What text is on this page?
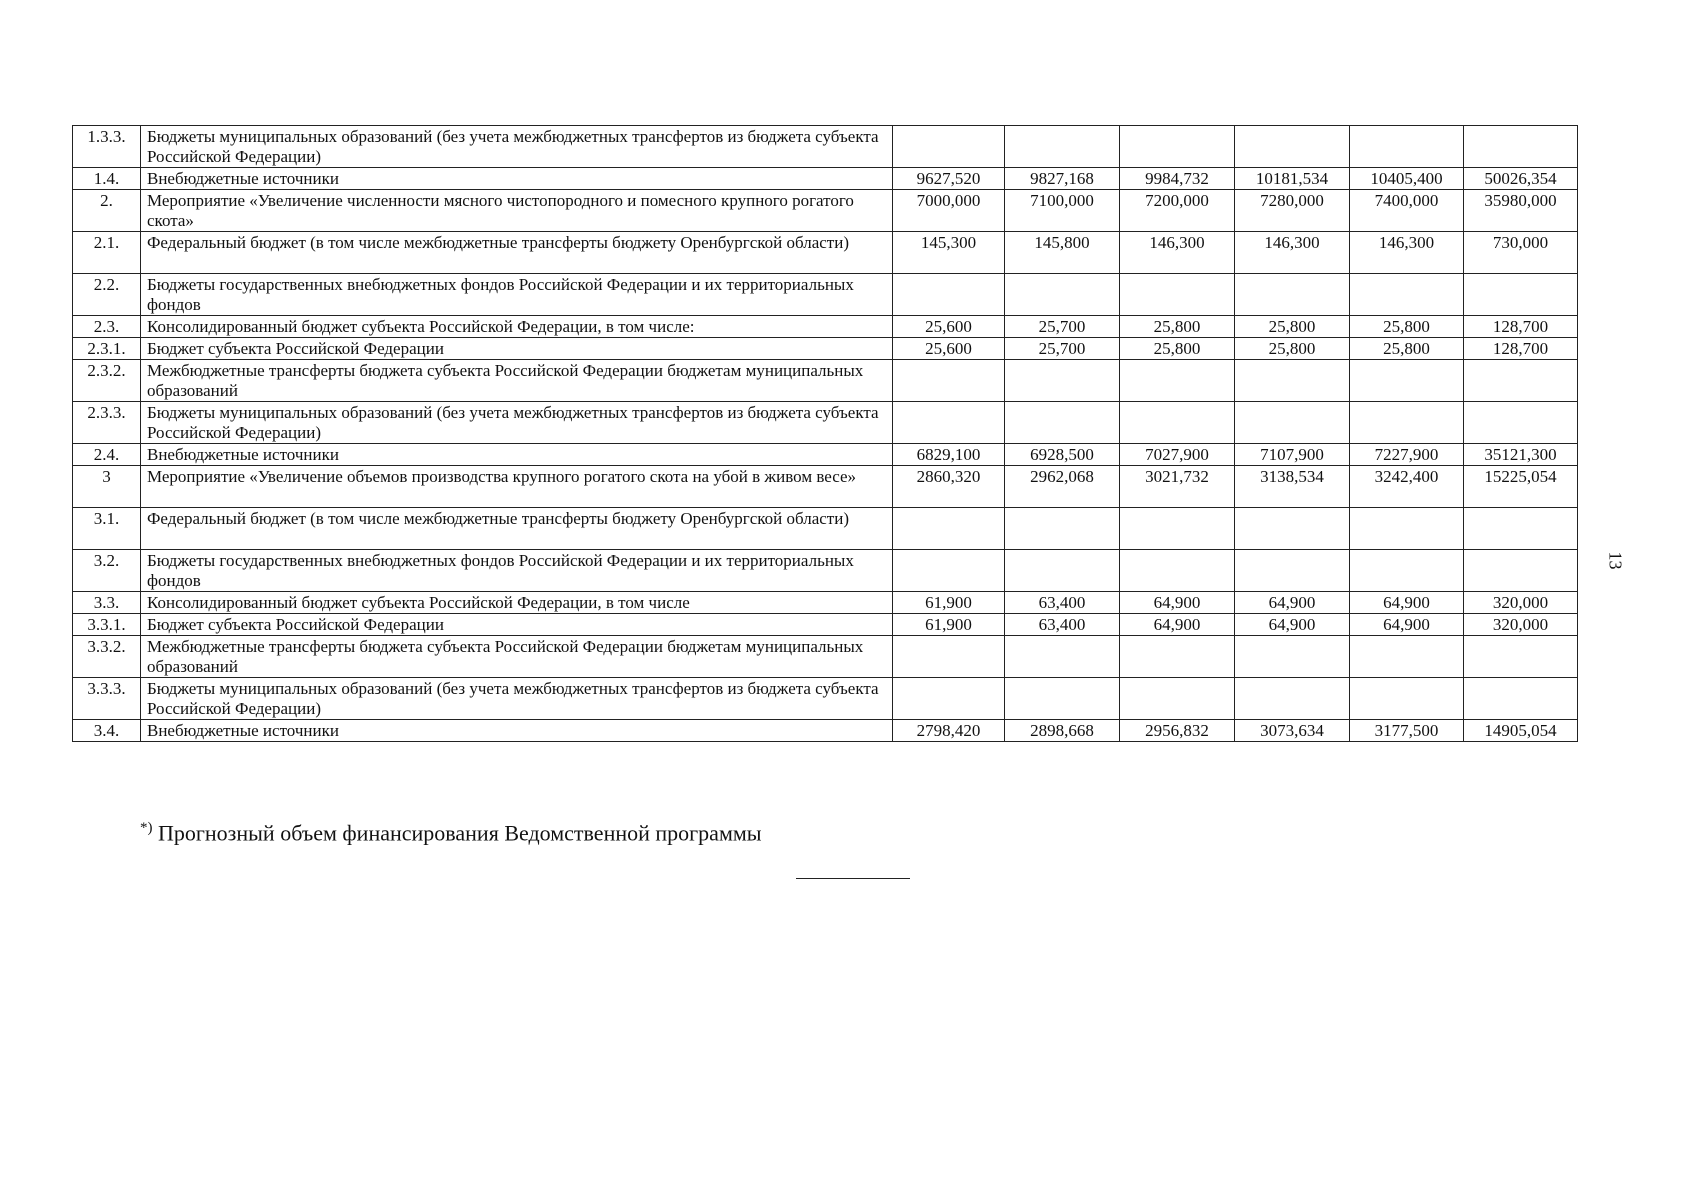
1.3.3.	Бюджеты муниципальных образований (без учета межбюджетных трансфертов из бюджета субъекта Российской Федерации)						
1.4.	Внебюджетные источники	9627,520	9827,168	9984,732	10181,534	10405,400	50026,354
2.	Мероприятие «Увеличение численности мясного чистопородного и помесного крупного рогатого скота»	7000,000	7100,000	7200,000	7280,000	7400,000	35980,000
2.1.	Федеральный бюджет (в том числе межбюджетные трансферты бюджету Оренбургской области)	145,300	145,800	146,300	146,300	146,300	730,000
2.2.	Бюджеты государственных внебюджетных фондов Российской Федерации и их территориальных фондов						
2.3.	Консолидированный бюджет субъекта Российской Федерации, в том числе:	25,600	25,700	25,800	25,800	25,800	128,700
2.3.1.	Бюджет субъекта Российской Федерации	25,600	25,700	25,800	25,800	25,800	128,700
2.3.2.	Межбюджетные трансферты бюджета субъекта Российской Федерации бюджетам муниципальных образований						
2.3.3.	Бюджеты муниципальных образований (без учета межбюджетных трансфертов из бюджета субъекта Российской Федерации)						
2.4.	Внебюджетные источники	6829,100	6928,500	7027,900	7107,900	7227,900	35121,300
3	Мероприятие «Увеличение объемов производства крупного рогатого скота на убой в живом весе»	2860,320	2962,068	3021,732	3138,534	3242,400	15225,054
3.1.	Федеральный бюджет (в том числе межбюджетные трансферты бюджету Оренбургской области)						
3.2.	Бюджеты государственных внебюджетных фондов Российской Федерации и их территориальных фондов						
3.3.	Консолидированный бюджет субъекта Российской Федерации, в том числе	61,900	63,400	64,900	64,900	64,900	320,000
3.3.1.	Бюджет субъекта Российской Федерации	61,900	63,400	64,900	64,900	64,900	320,000
3.3.2.	Межбюджетные трансферты бюджета субъекта Российской Федерации бюджетам муниципальных образований						
3.3.3.	Бюджеты муниципальных образований (без учета межбюджетных трансфертов из бюджета субъекта Российской Федерации)						
3.4.	Внебюджетные источники	2798,420	2898,668	2956,832	3073,634	3177,500	14905,054
*) Прогнозный объем финансирования Ведомственной программы
13
